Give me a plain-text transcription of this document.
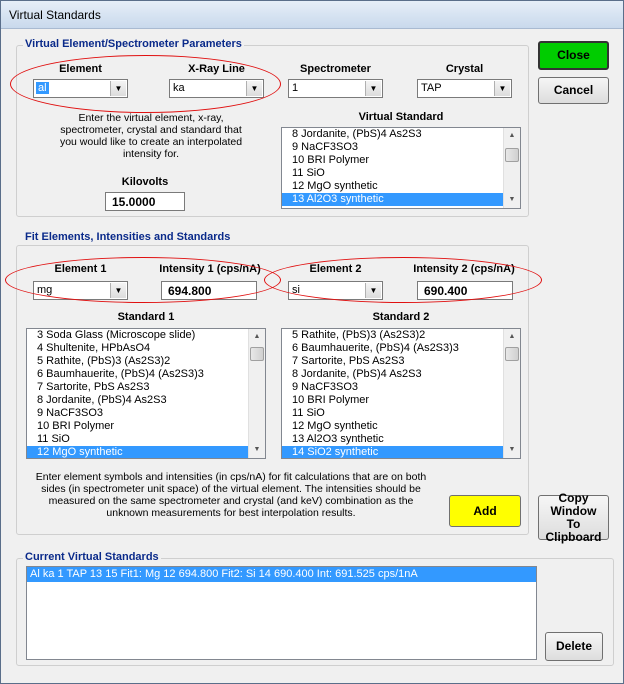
Virtual Standards
Virtual Element/Spectrometer Parameters
Element
al	▼
X-Ray Line
ka	▼
Spectrometer
1	▼
Crystal
TAP	▼
Enter the virtual element, x-ray, spectrometer, crystal and standard that you would like to create an interpolated intensity for.
Kilovolts
15.0000
Virtual Standard
8 Jordanite, (PbS)4 As2S3
9 NaCF3SO3
10 BRI Polymer
11 SiO
12 MgO synthetic
13 Al2O3 synthetic
▲
▼
Close
Cancel
Fit Elements, Intensities and Standards
Element 1
mg	▼
Intensity 1 (cps/nA)
694.800
Element 2
si	▼
Intensity 2 (cps/nA)
690.400
Standard 1
3 Soda Glass (Microscope slide)
4 Shultenite, HPbAsO4
5 Rathite, (PbS)3 (As2S3)2
6 Baumhauerite, (PbS)4 (As2S3)3
7 Sartorite, PbS As2S3
8 Jordanite, (PbS)4 As2S3
9 NaCF3SO3
10 BRI Polymer
11 SiO
12 MgO synthetic
▲
▼
Standard 2
5 Rathite, (PbS)3 (As2S3)2
6 Baumhauerite, (PbS)4 (As2S3)3
7 Sartorite, PbS As2S3
8 Jordanite, (PbS)4 As2S3
9 NaCF3SO3
10 BRI Polymer
11 SiO
12 MgO synthetic
13 Al2O3 synthetic
14 SiO2 synthetic
▲
▼
Enter element symbols and intensities (in cps/nA) for fit calculations that are on both sides (in spectrometer unit space) of the virtual element. The intensities should be measured on the same spectrometer and crystal (and keV) combination as the unknown measurements for best interpolation results.	Add
Copy Window To Clipboard
Current Virtual Standards
Al ka 1 TAP 13 15 Fit1: Mg 12 694.800 Fit2: Si 14 690.400 Int: 691.525 cps/1nA
Delete
